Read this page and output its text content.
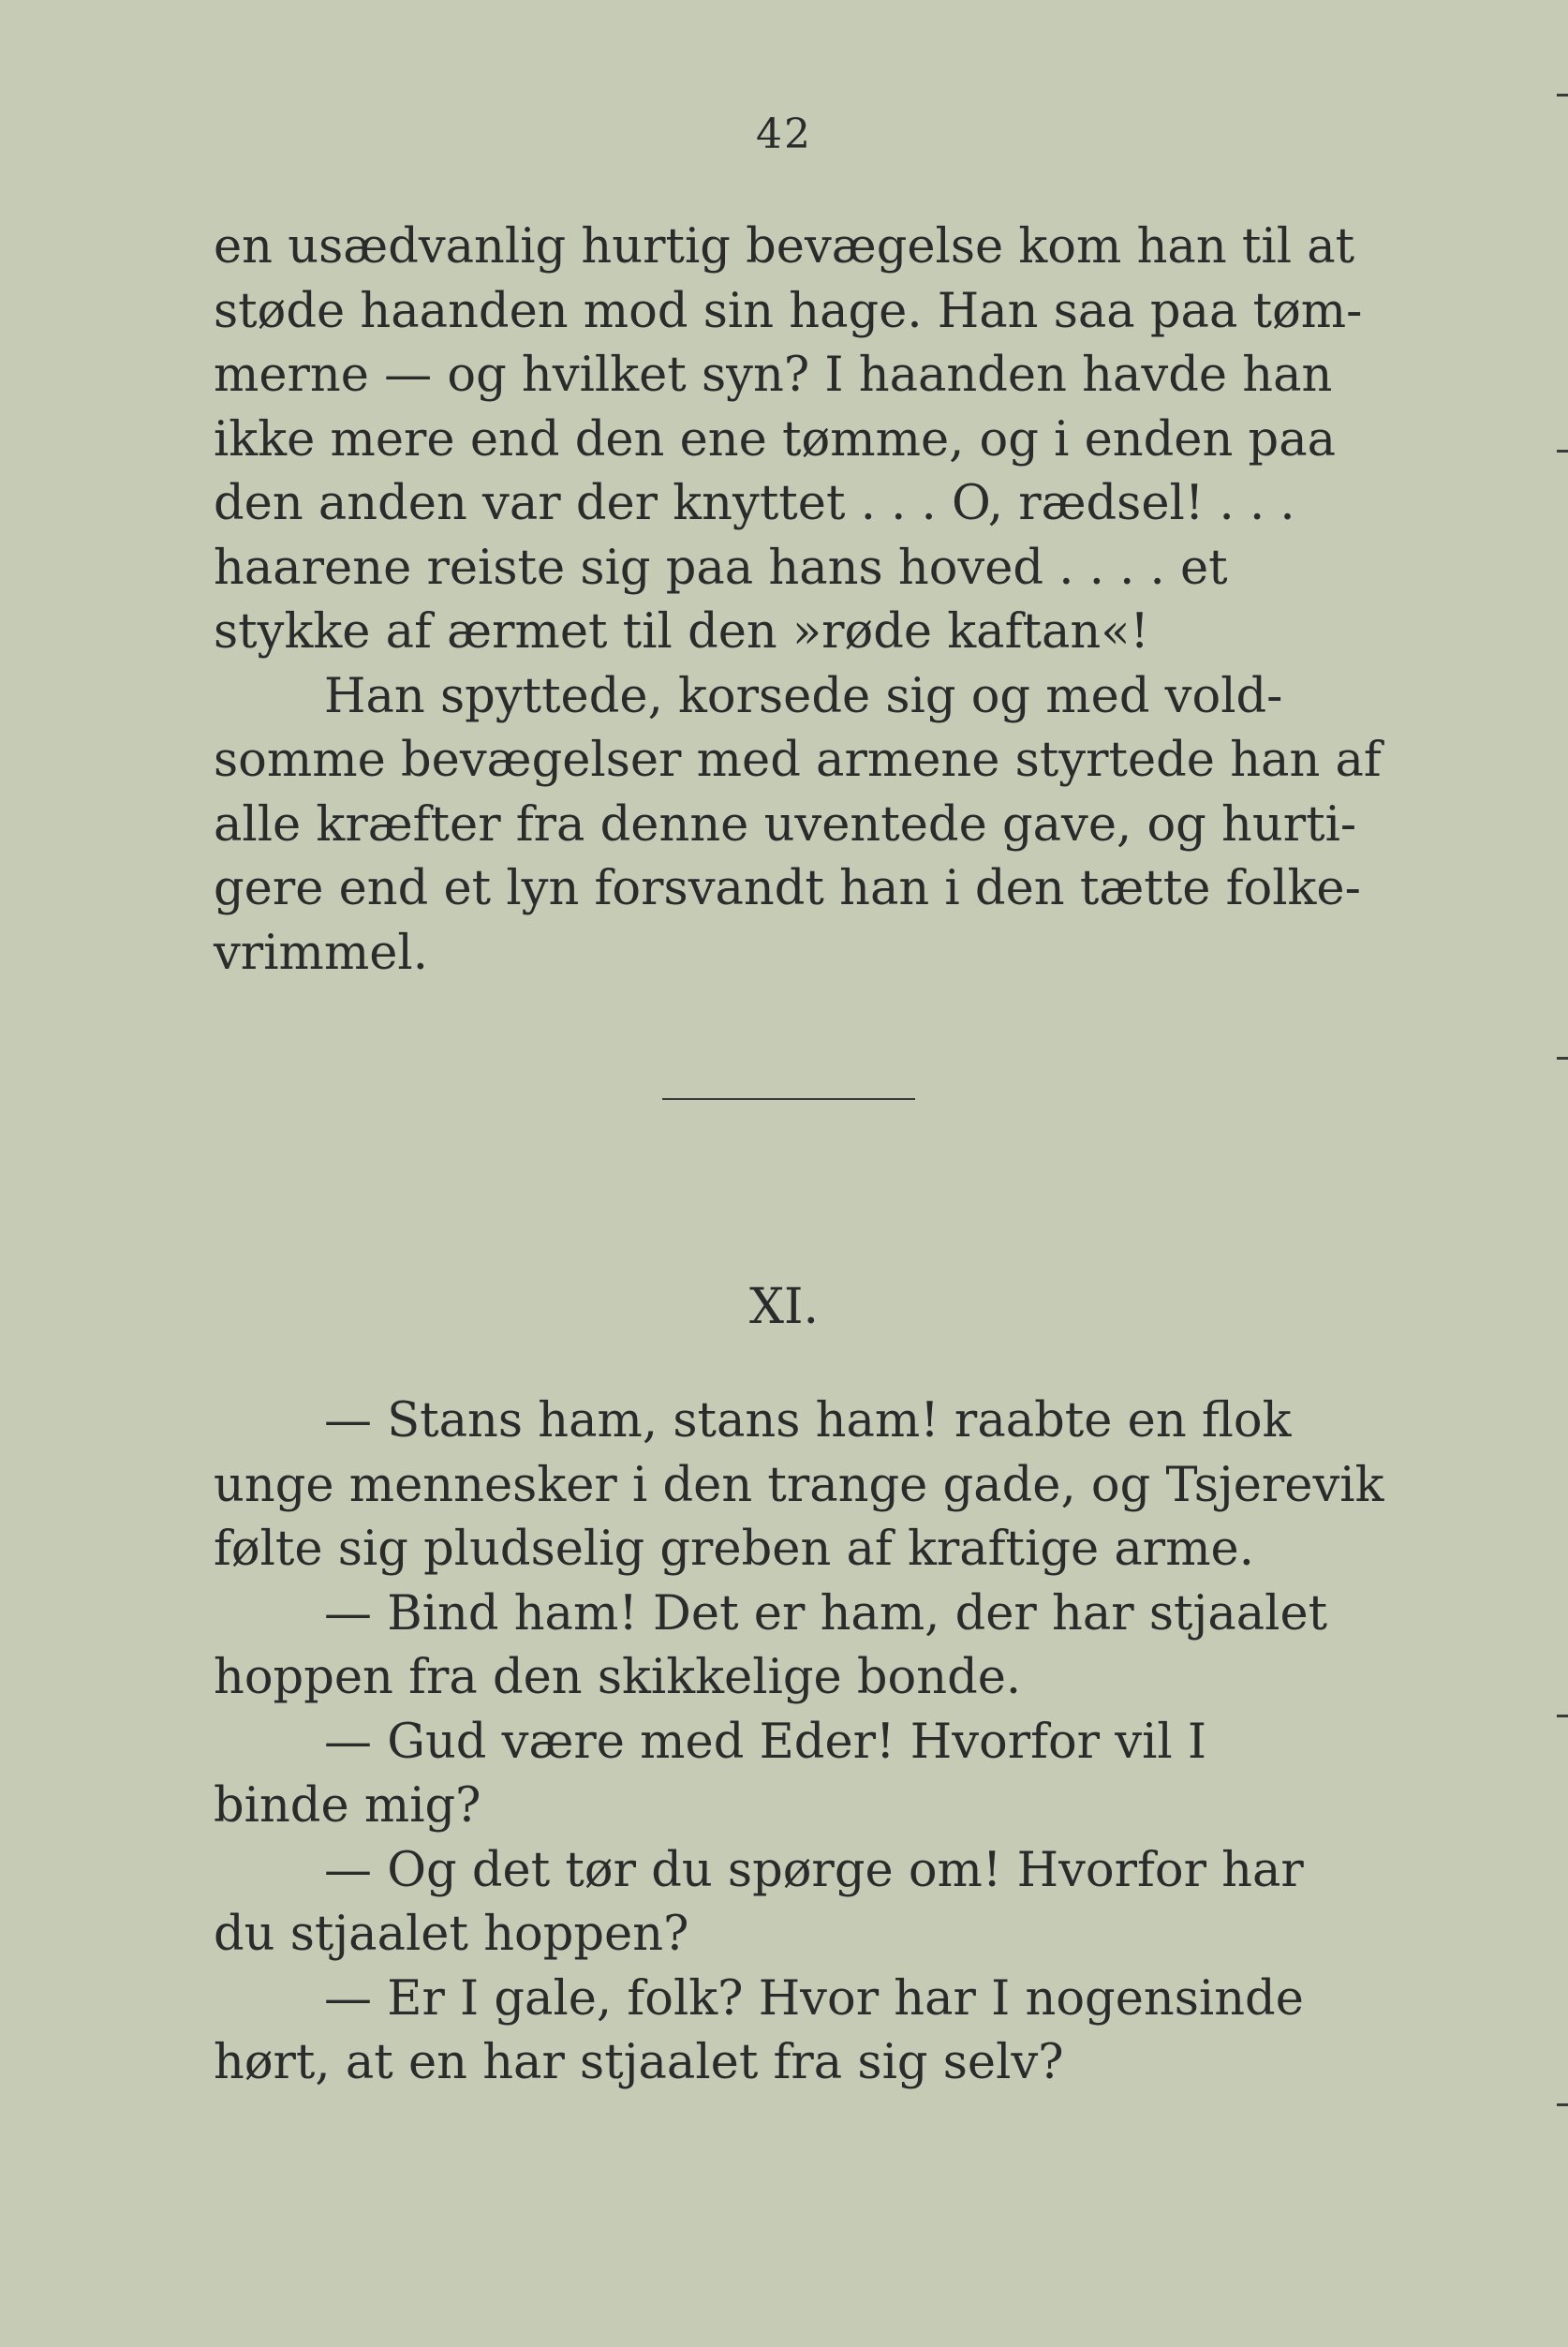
42
en usædvanlig hurtig bevægelse kom han til at
støde haanden mod sin hage. Han saa paa tøm-
merne — og hvilket syn? I haanden havde han
ikke mere end den ene tømme, og i enden paa
den anden var der knyttet . . . O, rædsel! . . .
haarene reiste sig paa hans hoved . . . . et
stykke af ærmet til den »røde kaftan«!
Han spyttede, korsede sig og med vold-
somme bevægelser med armene styrtede han af
alle kræfter fra denne uventede gave, og hurti-
gere end et lyn forsvandt han i den tætte folke-
vrimmel.
XI.
— Stans ham, stans ham! raabte en flok
unge mennesker i den trange gade, og Tsjerevik
følte sig pludselig greben af kraftige arme.
— Bind ham! Det er ham, der har stjaalet
hoppen fra den skikkelige bonde.
— Gud være med Eder! Hvorfor vil I
binde mig?
— Og det tør du spørge om! Hvorfor har
du stjaalet hoppen?
— Er I gale, folk? Hvor har I nogensinde
hørt, at en har stjaalet fra sig selv?
